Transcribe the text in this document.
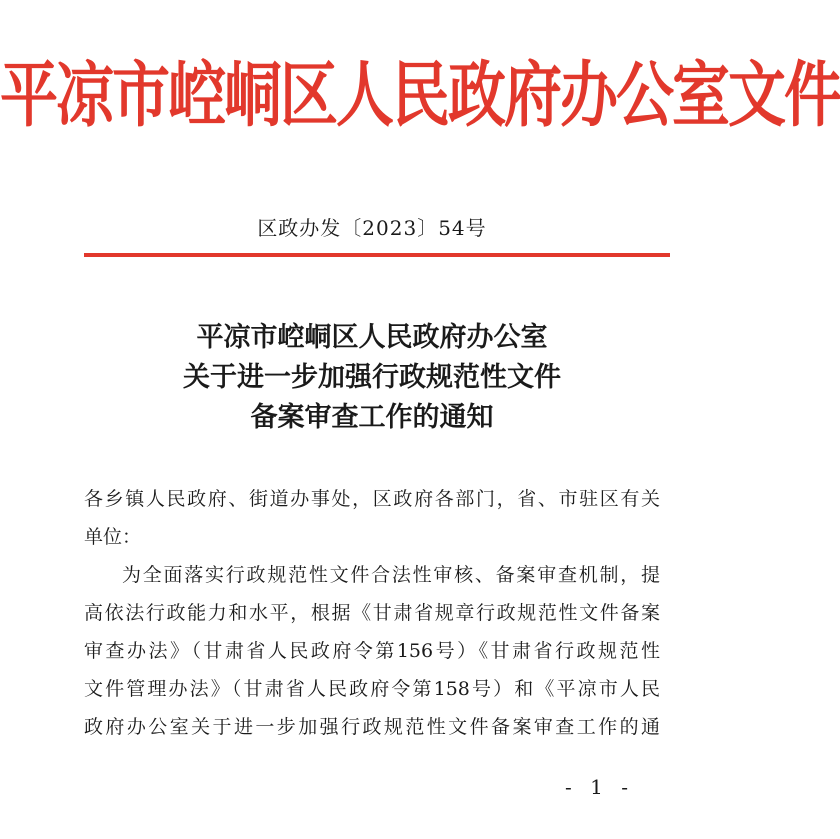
平凉市崆峒区人民政府办公室文件
区政办发〔2023〕54号
平凉市崆峒区人民政府办公室
关于进一步加强行政规范性文件
备案审查工作的通知
各乡镇人民政府、街道办事处，区政府各部门，省、市驻区有关
单位：
为全面落实行政规范性文件合法性审核、备案审查机制，提
高依法行政能力和水平，根据《甘肃省规章行政规范性文件备案
审查办法》（甘肃省人民政府令第156号）《甘肃省行政规范性
文件管理办法》（甘肃省人民政府令第158号）和《平凉市人民
政府办公室关于进一步加强行政规范性文件备案审查工作的通
- 1 -
